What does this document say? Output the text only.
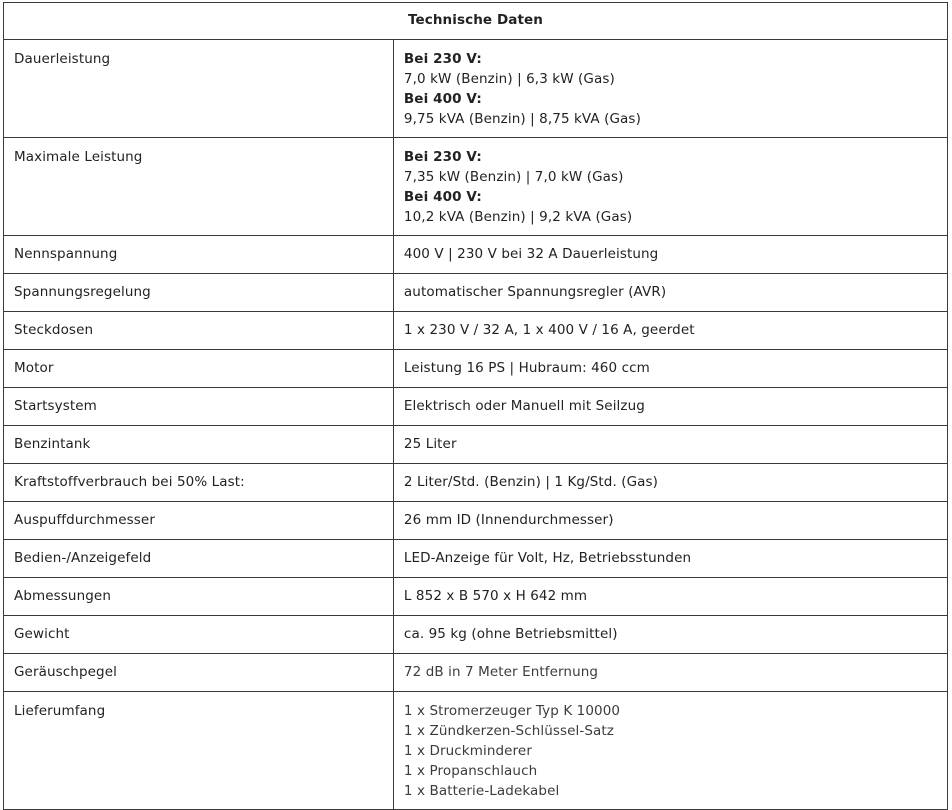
Technische Daten	
Dauerleistung	Bei 230 V:
7,0 kW (Benzin) | 6,3 kW (Gas)
Bei 400 V:
9,75 kVA (Benzin) | 8,75 kVA (Gas)

Maximale Leistung	Bei 230 V:
7,35 kW (Benzin) | 7,0 kW (Gas)
Bei 400 V:
10,2 kVA (Benzin) | 9,2 kVA (Gas)

Nennspannung	400 V | 230 V bei 32 A Dauerleistung

Spannungsregelung	automatischer Spannungsregler (AVR)

Steckdosen	1 x 230 V / 32 A, 1 x 400 V / 16 A, geerdet

Motor	Leistung 16 PS | Hubraum: 460 ccm

Startsystem	Elektrisch oder Manuell mit Seilzug

Benzintank	25 Liter

Kraftstoffverbrauch bei 50% Last:	2 Liter/Std. (Benzin) | 1 Kg/Std. (Gas)

Auspuffdurchmesser	26 mm ID (Innendurchmesser)

Bedien-/Anzeigefeld	LED-Anzeige für Volt, Hz, Betriebsstunden

Abmessungen	L 852 x B 570 x H 642 mm

Gewicht	ca. 95 kg (ohne Betriebsmittel)

Geräuschpegel	72 dB in 7 Meter Entfernung

Lieferumfang	1 x Stromerzeuger Typ K 10000
1 x Zündkerzen-Schlüssel-Satz
1 x Druckminderer
1 x Propanschlauch
1 x Batterie-Ladekabel
